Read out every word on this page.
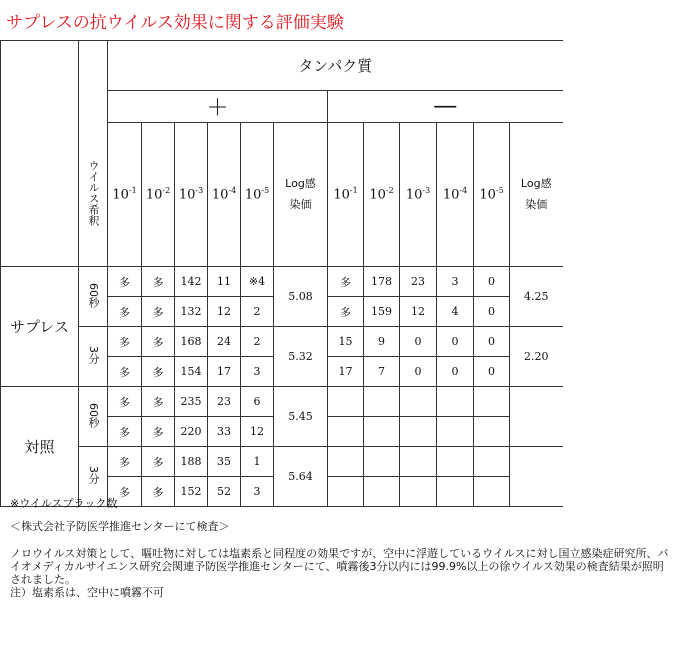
サプレスの抗ウイルス効果に関する評価実験
		タンパク質											
		＋						―					
	ウイルス希釈	$10^{-1}$	$10^{-2}$	$10^{-3}$	$10^{-4}$	$10^{-5}$	Log感染価	$10^{-1}$	$10^{-2}$	$10^{-3}$	$10^{-4}$	$10^{-5}$	Log感染価
サプレス	60秒	多	多	142	11	※4	5.08	多	178	23	3	0	4.25
		多	多	132	12	2		多	159	12	4	0	
	3分	多	多	168	24	2	5.32	15	9	0	0	0	2.20
		多	多	154	17	3		17	7	0	0	0	
対照	60秒	多	多	235	23	6	5.45						
		多	多	220	33	12							
	3分	多	多	188	35	1	5.64						
		多	多	152	52	3							
※ウイルスプラック数
＜株式会社予防医学推進センターにて検査＞
ノロウイルス対策として、嘔吐物に対しては塩素系と同程度の効果ですが、空中に浮遊しているウイルスに対し国立感染症研究所、バイオメディカルサイエンス研究会関連予防医学推進センターにて、噴霧後3分以内には99.9%以上の徐ウイルス効果の検査結果が照明されました。
注）塩素系は、空中に噴霧不可
